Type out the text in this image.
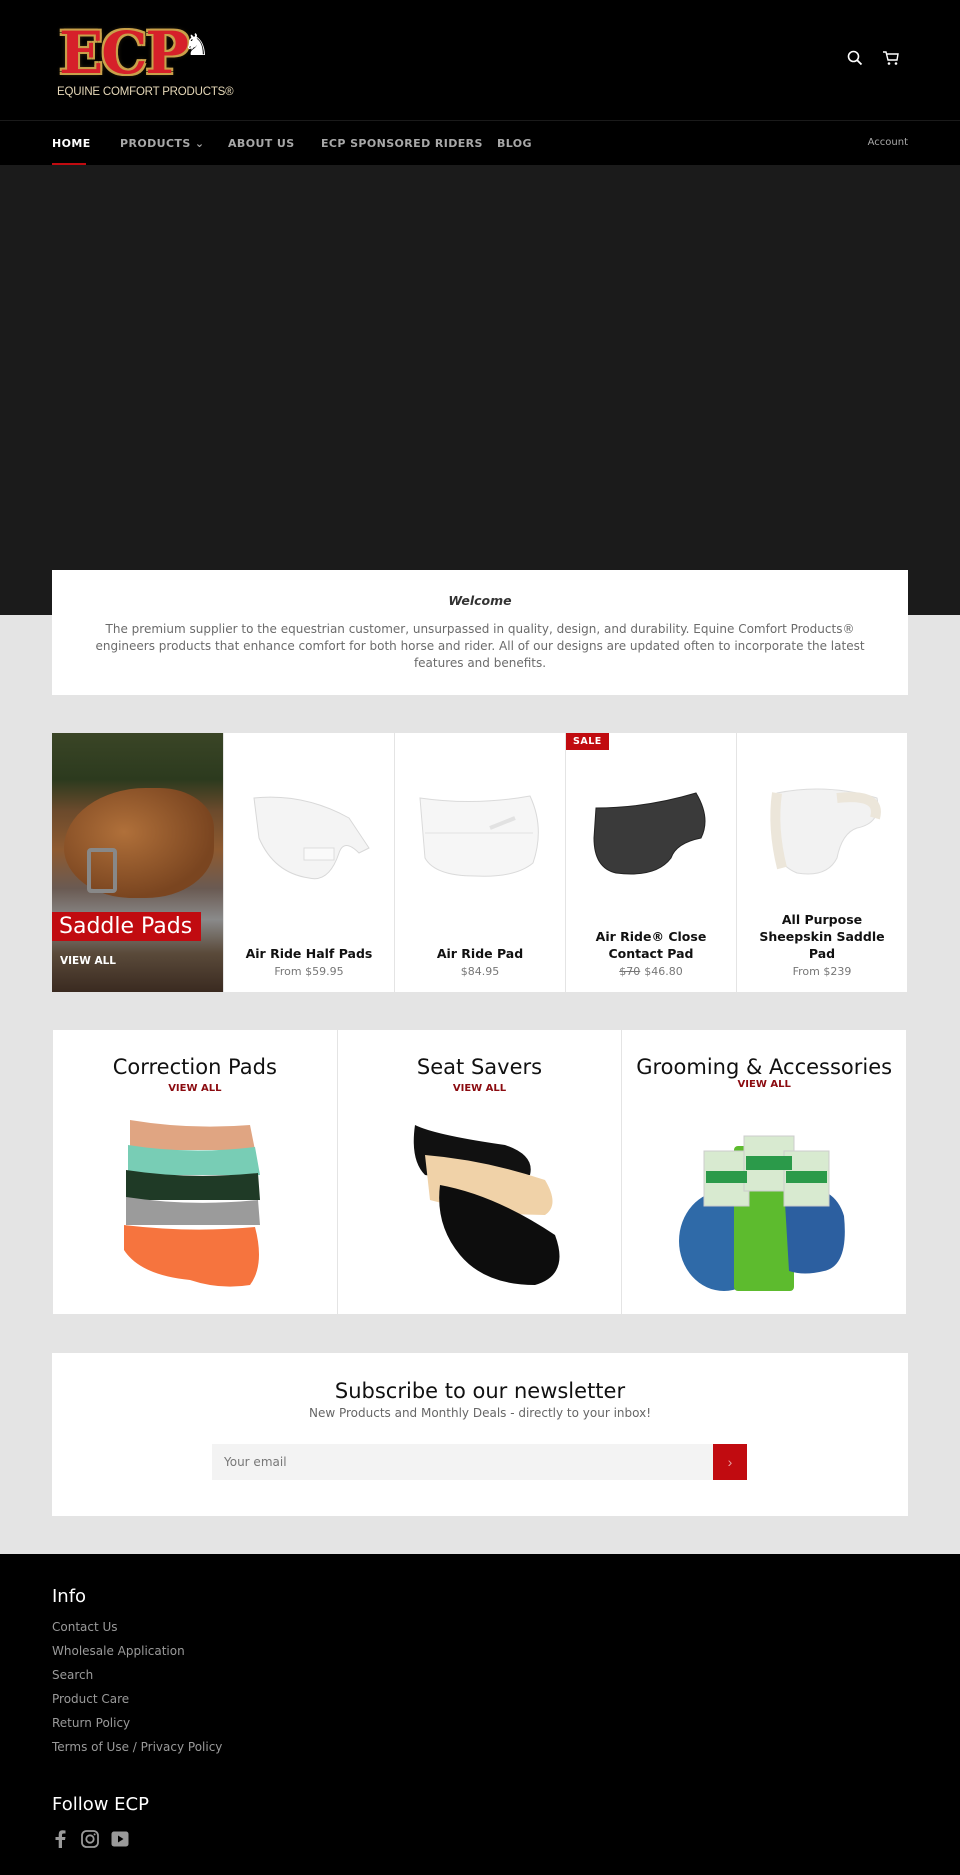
ECP
♞
EQUINE COMFORT PRODUCTS®
HOME	PRODUCTS ⌄ ABOUT US ECP SPONSORED RIDERS BLOG	Account
Welcome

The premium supplier to the equestrian customer, unsurpassed in quality, design, and durability. Equine Comfort Products® engineers products that enhance comfort for both horse and rider. All of our designs are updated often to incorporate the latest features and benefits.

Saddle Pads
VIEW ALL	Air Ride Half Pads
From $59.95
Air Ride Pad
$84.95
SALE
Air Ride® Close Contact Pad
$70 $46.80
All Purpose Sheepskin Saddle Pad
From $239
Correction Pads
VIEW ALL
Seat Savers
VIEW ALL
Grooming & Accessories
VIEW ALL
Subscribe to our newsletter

New Products and Monthly Deals - directly to your inbox!

Your email
›
Info
Contact Us
Wholesale Application
Search
Product Care
Return Policy
Terms of Use / Privacy Policy
Follow ECP
